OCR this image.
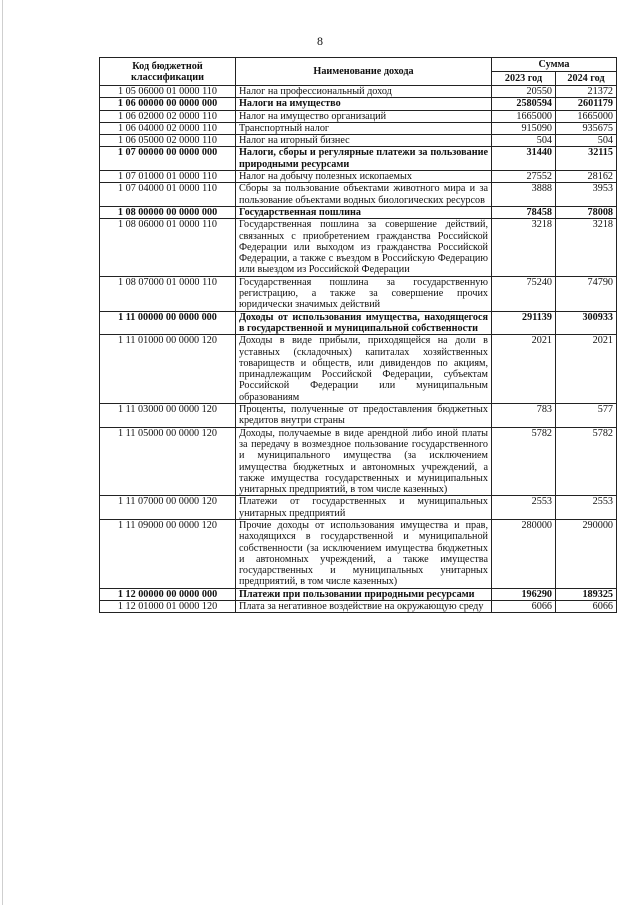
8
Код бюджетной классификации	Наименование дохода	Сумма	
		2023 год	2024 год
1 05 06000 01 0000 110	Налог на профессиональный доход	20550	21372
1 06 00000 00 0000 000	Налоги на имущество	2580594	2601179
1 06 02000 02 0000 110	Налог на имущество организаций	1665000	1665000
1 06 04000 02 0000 110	Транспортный налог	915090	935675
1 06 05000 02 0000 110	Налог на игорный бизнес	504	504
1 07 00000 00 0000 000	Налоги, сборы и регулярные платежи за пользование природными ресурсами	31440	32115
1 07 01000 01 0000 110	Налог на добычу полезных ископаемых	27552	28162
1 07 04000 01 0000 110	Сборы за пользование объектами животного мира и за пользование объектами водных биологических ресурсов	3888	3953
1 08 00000 00 0000 000	Государственная пошлина	78458	78008
1 08 06000 01 0000 110	Государственная пошлина за совершение действий, связанных с приобретением гражданства Российской Федерации или выходом из гражданства Российской Федерации, а также с въездом в Российскую Федерацию или выездом из Российской Федерации	3218	3218
1 08 07000 01 0000 110	Государственная пошлина за государственную регистрацию, а также за совершение прочих юридически значимых действий	75240	74790
1 11 00000 00 0000 000	Доходы от использования имущества, находящегося в государственной и муниципальной собственности	291139	300933
1 11 01000 00 0000 120	Доходы в виде прибыли, приходящейся на доли в уставных (складочных) капиталах хозяйственных товариществ и обществ, или дивидендов по акциям, принадлежащим Российской Федерации, субъектам Российской Федерации или муниципальным образованиям	2021	2021
1 11 03000 00 0000 120	Проценты, полученные от предоставления бюджетных кредитов внутри страны	783	577
1 11 05000 00 0000 120	Доходы, получаемые в виде арендной либо иной платы за передачу в возмездное пользование государственного и муниципального имущества (за исключением имущества бюджетных и автономных учреждений, а также имущества государственных и муниципальных унитарных предприятий, в том числе казенных)	5782	5782
1 11 07000 00 0000 120	Платежи от государственных и муниципальных унитарных предприятий	2553	2553
1 11 09000 00 0000 120	Прочие доходы от использования имущества и прав, находящихся в государственной и муниципальной собственности (за исключением имущества бюджетных и автономных учреждений, а также имущества государственных и муниципальных унитарных предприятий, в том числе казенных)	280000	290000
1 12 00000 00 0000 000	Платежи при пользовании природными ресурсами	196290	189325
1 12 01000 01 0000 120	Плата за негативное воздействие на окружающую среду	6066	6066
